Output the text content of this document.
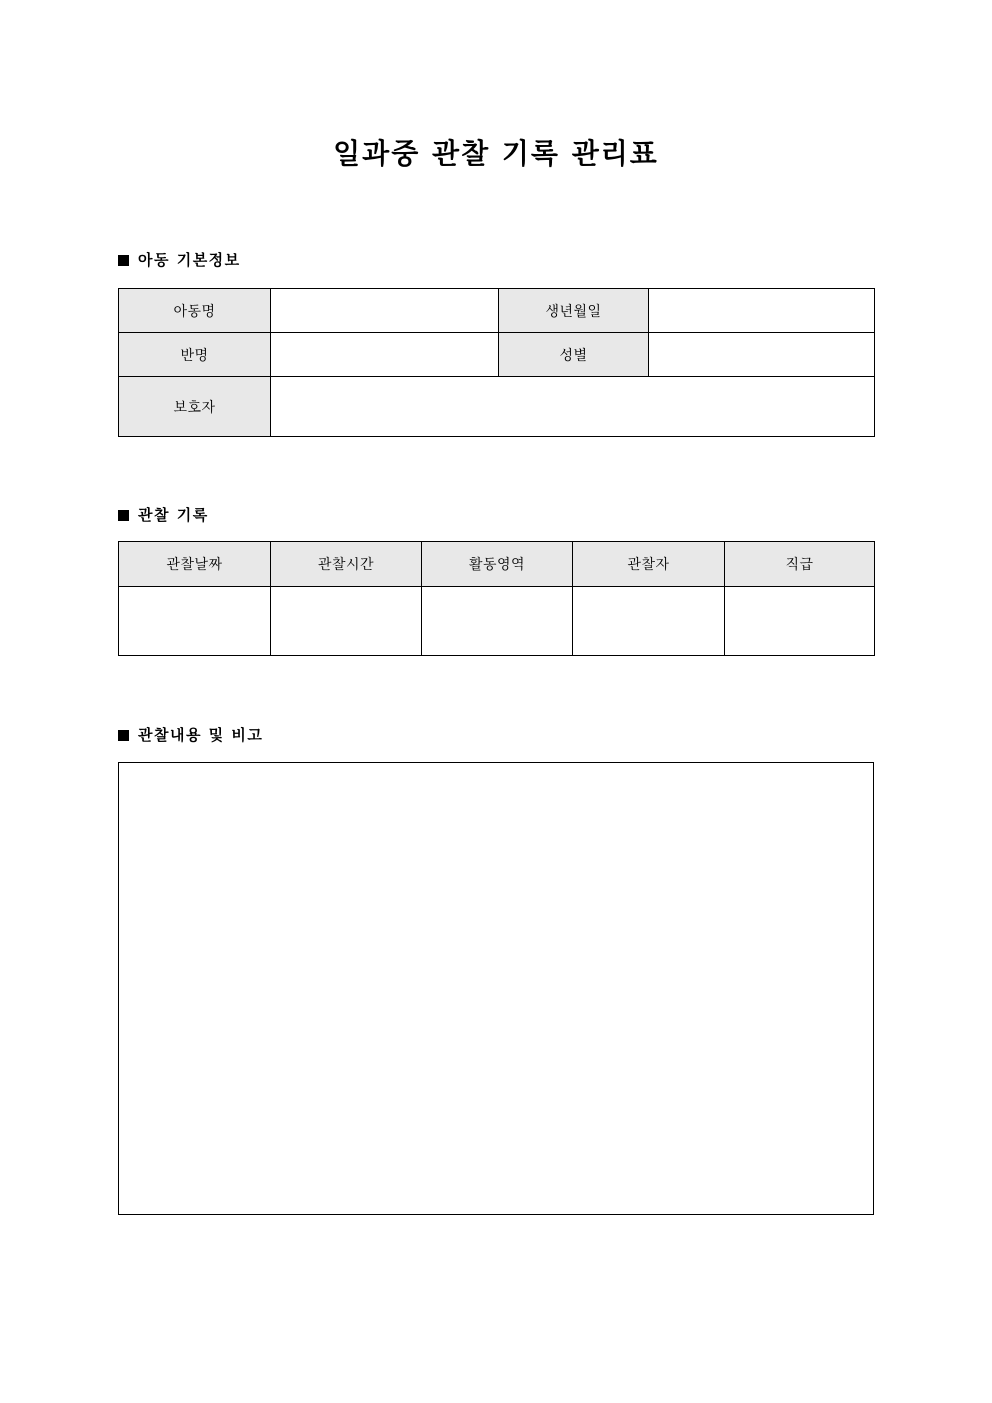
일과중 관찰 기록 관리표
아동 기본정보
아동명		생년월일	
반명		성별	
보호자			
관찰 기록
관찰날짜	관찰시간	활동영역	관찰자	직급

관찰내용 및 비고
